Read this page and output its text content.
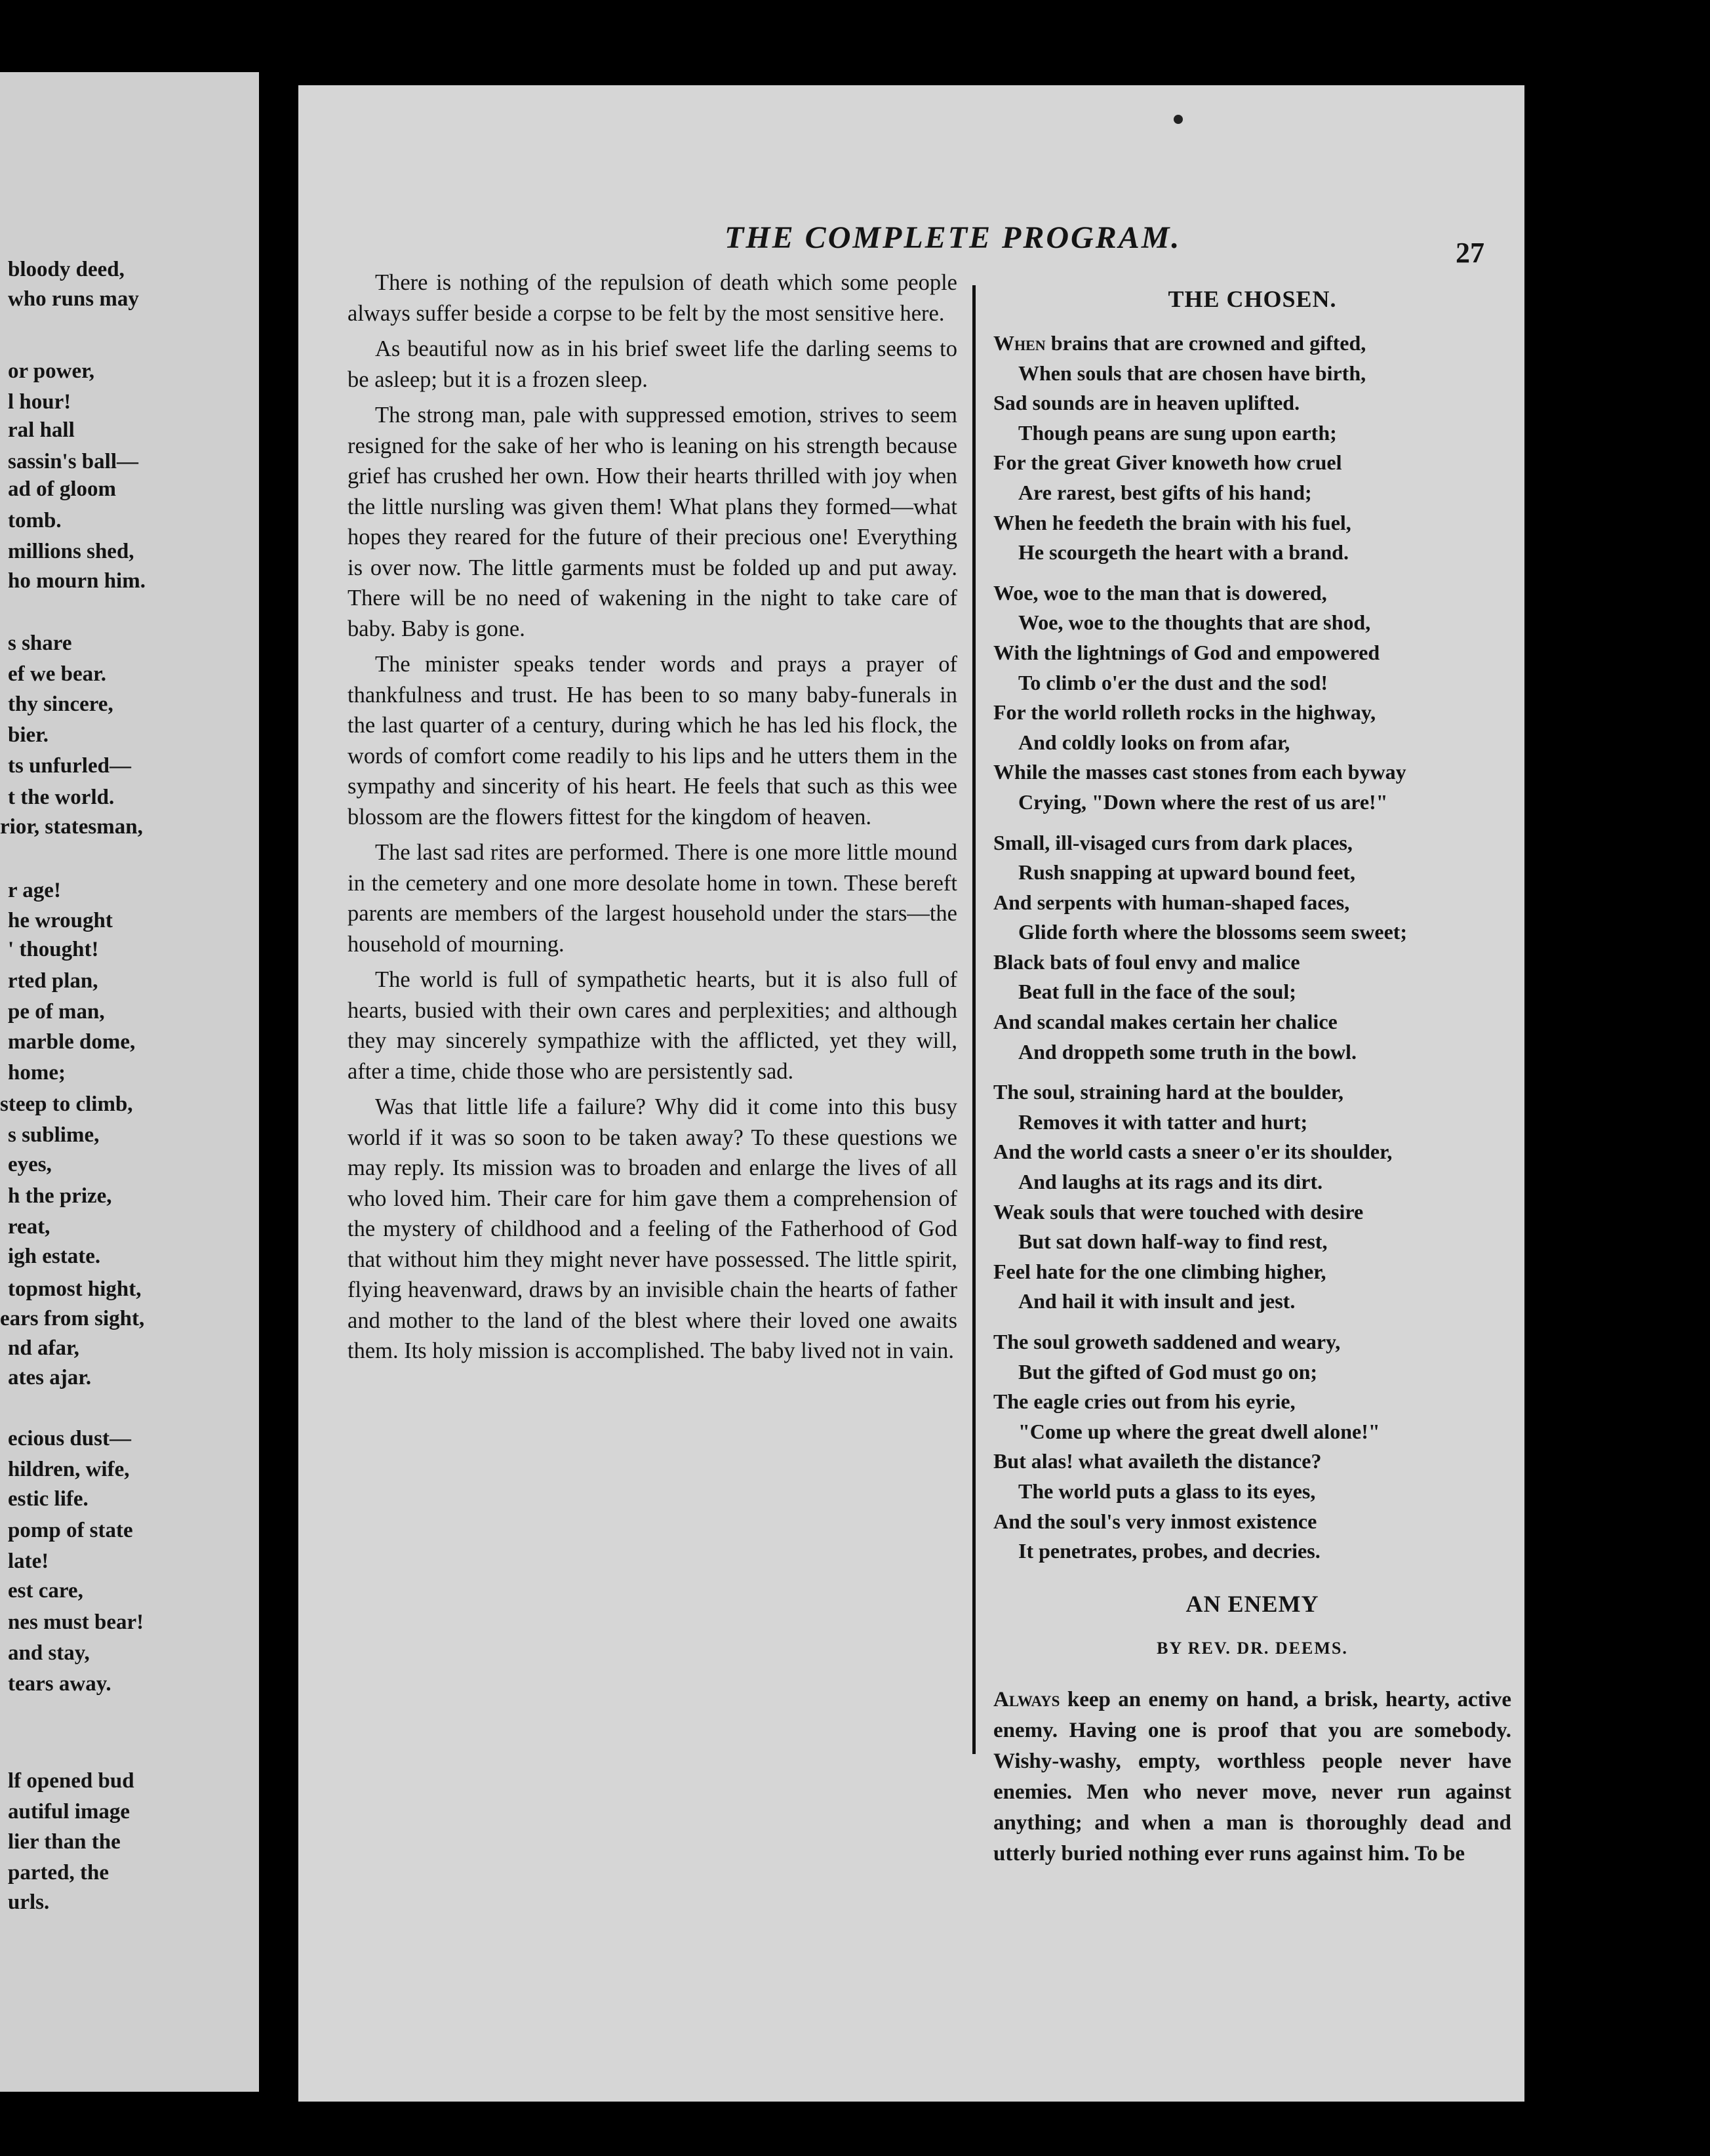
bloody deed,
who runs may
or power,
l hour!
ral hall
sassin's ball—
ad of gloom
tomb.
millions shed,
ho mourn him.
s share
ef we bear.
thy sincere,
bier.
ts unfurled—
t the world.
rior, statesman,
r age!
he wrought
' thought!
rted plan,
pe of man,
marble dome,
home;
steep to climb,
s sublime,
eyes,
h the prize,
reat,
igh estate.
topmost hight,
ears from sight,
nd afar,
ates ajar.
ecious dust—
hildren, wife,
estic life.
pomp of state
late!
est care,
nes must bear!
and stay,
tears away.
lf opened bud
autiful image
lier than the
parted, the
urls.
THE COMPLETE PROGRAM.	27

There is nothing of the repulsion of death which some people always suffer beside a corpse to be felt by the most sensitive here.

As beautiful now as in his brief sweet life the darling seems to be asleep; but it is a frozen sleep.

The strong man, pale with suppressed emotion, strives to seem resigned for the sake of her who is leaning on his strength because grief has crushed her own. How their hearts thrilled with joy when the little nursling was given them! What plans they formed—what hopes they reared for the future of their precious one! Everything is over now. The little garments must be folded up and put away. There will be no need of wakening in the night to take care of baby. Baby is gone.

The minister speaks tender words and prays a prayer of thankfulness and trust. He has been to so many baby-funerals in the last quarter of a century, during which he has led his flock, the words of comfort come readily to his lips and he utters them in the sympathy and sincerity of his heart. He feels that such as this wee blossom are the flowers fittest for the kingdom of heaven.

The last sad rites are performed. There is one more little mound in the cemetery and one more desolate home in town. These bereft parents are members of the largest household under the stars—the household of mourning.

The world is full of sympathetic hearts, but it is also full of hearts, busied with their own cares and perplexities; and although they may sincerely sympathize with the afflicted, yet they will, after a time, chide those who are persistently sad.

Was that little life a failure? Why did it come into this busy world if it was so soon to be taken away? To these questions we may reply. Its mission was to broaden and enlarge the lives of all who loved him. Their care for him gave them a comprehension of the mystery of childhood and a feeling of the Fatherhood of God that without him they might never have possessed. The little spirit, flying heavenward, draws by an invisible chain the hearts of father and mother to the land of the blest where their loved one awaits them. Its holy mission is accomplished. The baby lived not in vain.

THE CHOSEN.
When brains that are crowned and gifted,
When souls that are chosen have birth,
Sad sounds are in heaven uplifted.
Though peans are sung upon earth;
For the great Giver knoweth how cruel
Are rarest, best gifts of his hand;
When he feedeth the brain with his fuel,
He scourgeth the heart with a brand.
Woe, woe to the man that is dowered,
Woe, woe to the thoughts that are shod,
With the lightnings of God and empowered
To climb o'er the dust and the sod!
For the world rolleth rocks in the highway,
And coldly looks on from afar,
While the masses cast stones from each byway
Crying, "Down where the rest of us are!"
Small, ill-visaged curs from dark places,
Rush snapping at upward bound feet,
And serpents with human-shaped faces,
Glide forth where the blossoms seem sweet;
Black bats of foul envy and malice
Beat full in the face of the soul;
And scandal makes certain her chalice
And droppeth some truth in the bowl.
The soul, straining hard at the boulder,
Removes it with tatter and hurt;
And the world casts a sneer o'er its shoulder,
And laughs at its rags and its dirt.
Weak souls that were touched with desire
But sat down half-way to find rest,
Feel hate for the one climbing higher,
And hail it with insult and jest.
The soul groweth saddened and weary,
But the gifted of God must go on;
The eagle cries out from his eyrie,
"Come up where the great dwell alone!"
But alas! what availeth the distance?
The world puts a glass to its eyes,
And the soul's very inmost existence
It penetrates, probes, and decries.
AN ENEMY
BY REV. DR. DEEMS.

Always keep an enemy on hand, a brisk, hearty, active enemy. Having one is proof that you are somebody. Wishy-washy, empty, worthless people never have enemies. Men who never move, never run against anything; and when a man is thoroughly dead and utterly buried nothing ever runs against him. To be
